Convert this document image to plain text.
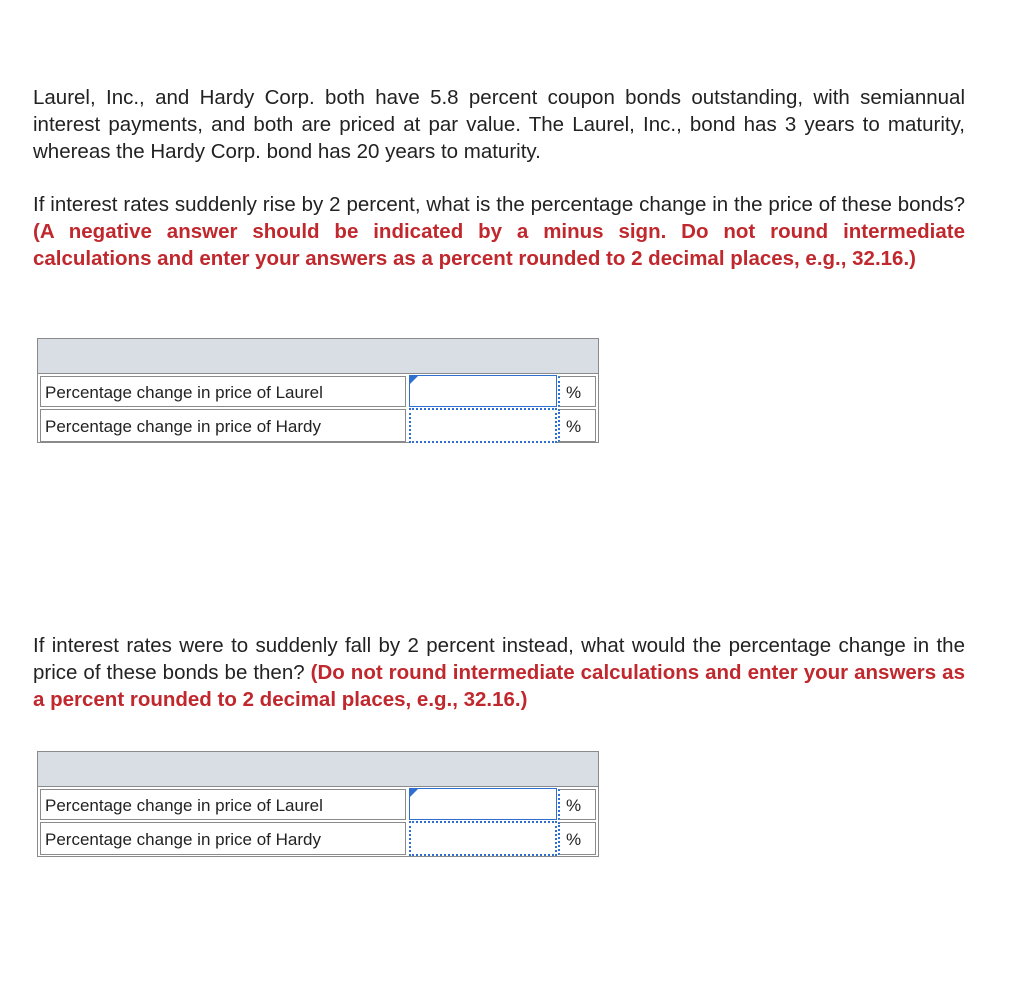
Laurel, Inc., and Hardy Corp. both have 5.8 percent coupon bonds outstanding, with semiannual interest payments, and both are priced at par value. The Laurel, Inc., bond has 3 years to maturity, whereas the Hardy Corp. bond has 20 years to maturity.

If interest rates suddenly rise by 2 percent, what is the percentage change in the price of these bonds? (A negative answer should be indicated by a minus sign. Do not round intermediate calculations and enter your answers as a percent rounded to 2 decimal places, e.g., 32.16.)

Percentage change in price of Laurel	%
Percentage change in price of Hardy	%

If interest rates were to suddenly fall by 2 percent instead, what would the percentage change in the price of these bonds be then? (Do not round intermediate calculations and enter your answers as a percent rounded to 2 decimal places, e.g., 32.16.)

Percentage change in price of Laurel	%
Percentage change in price of Hardy	%
